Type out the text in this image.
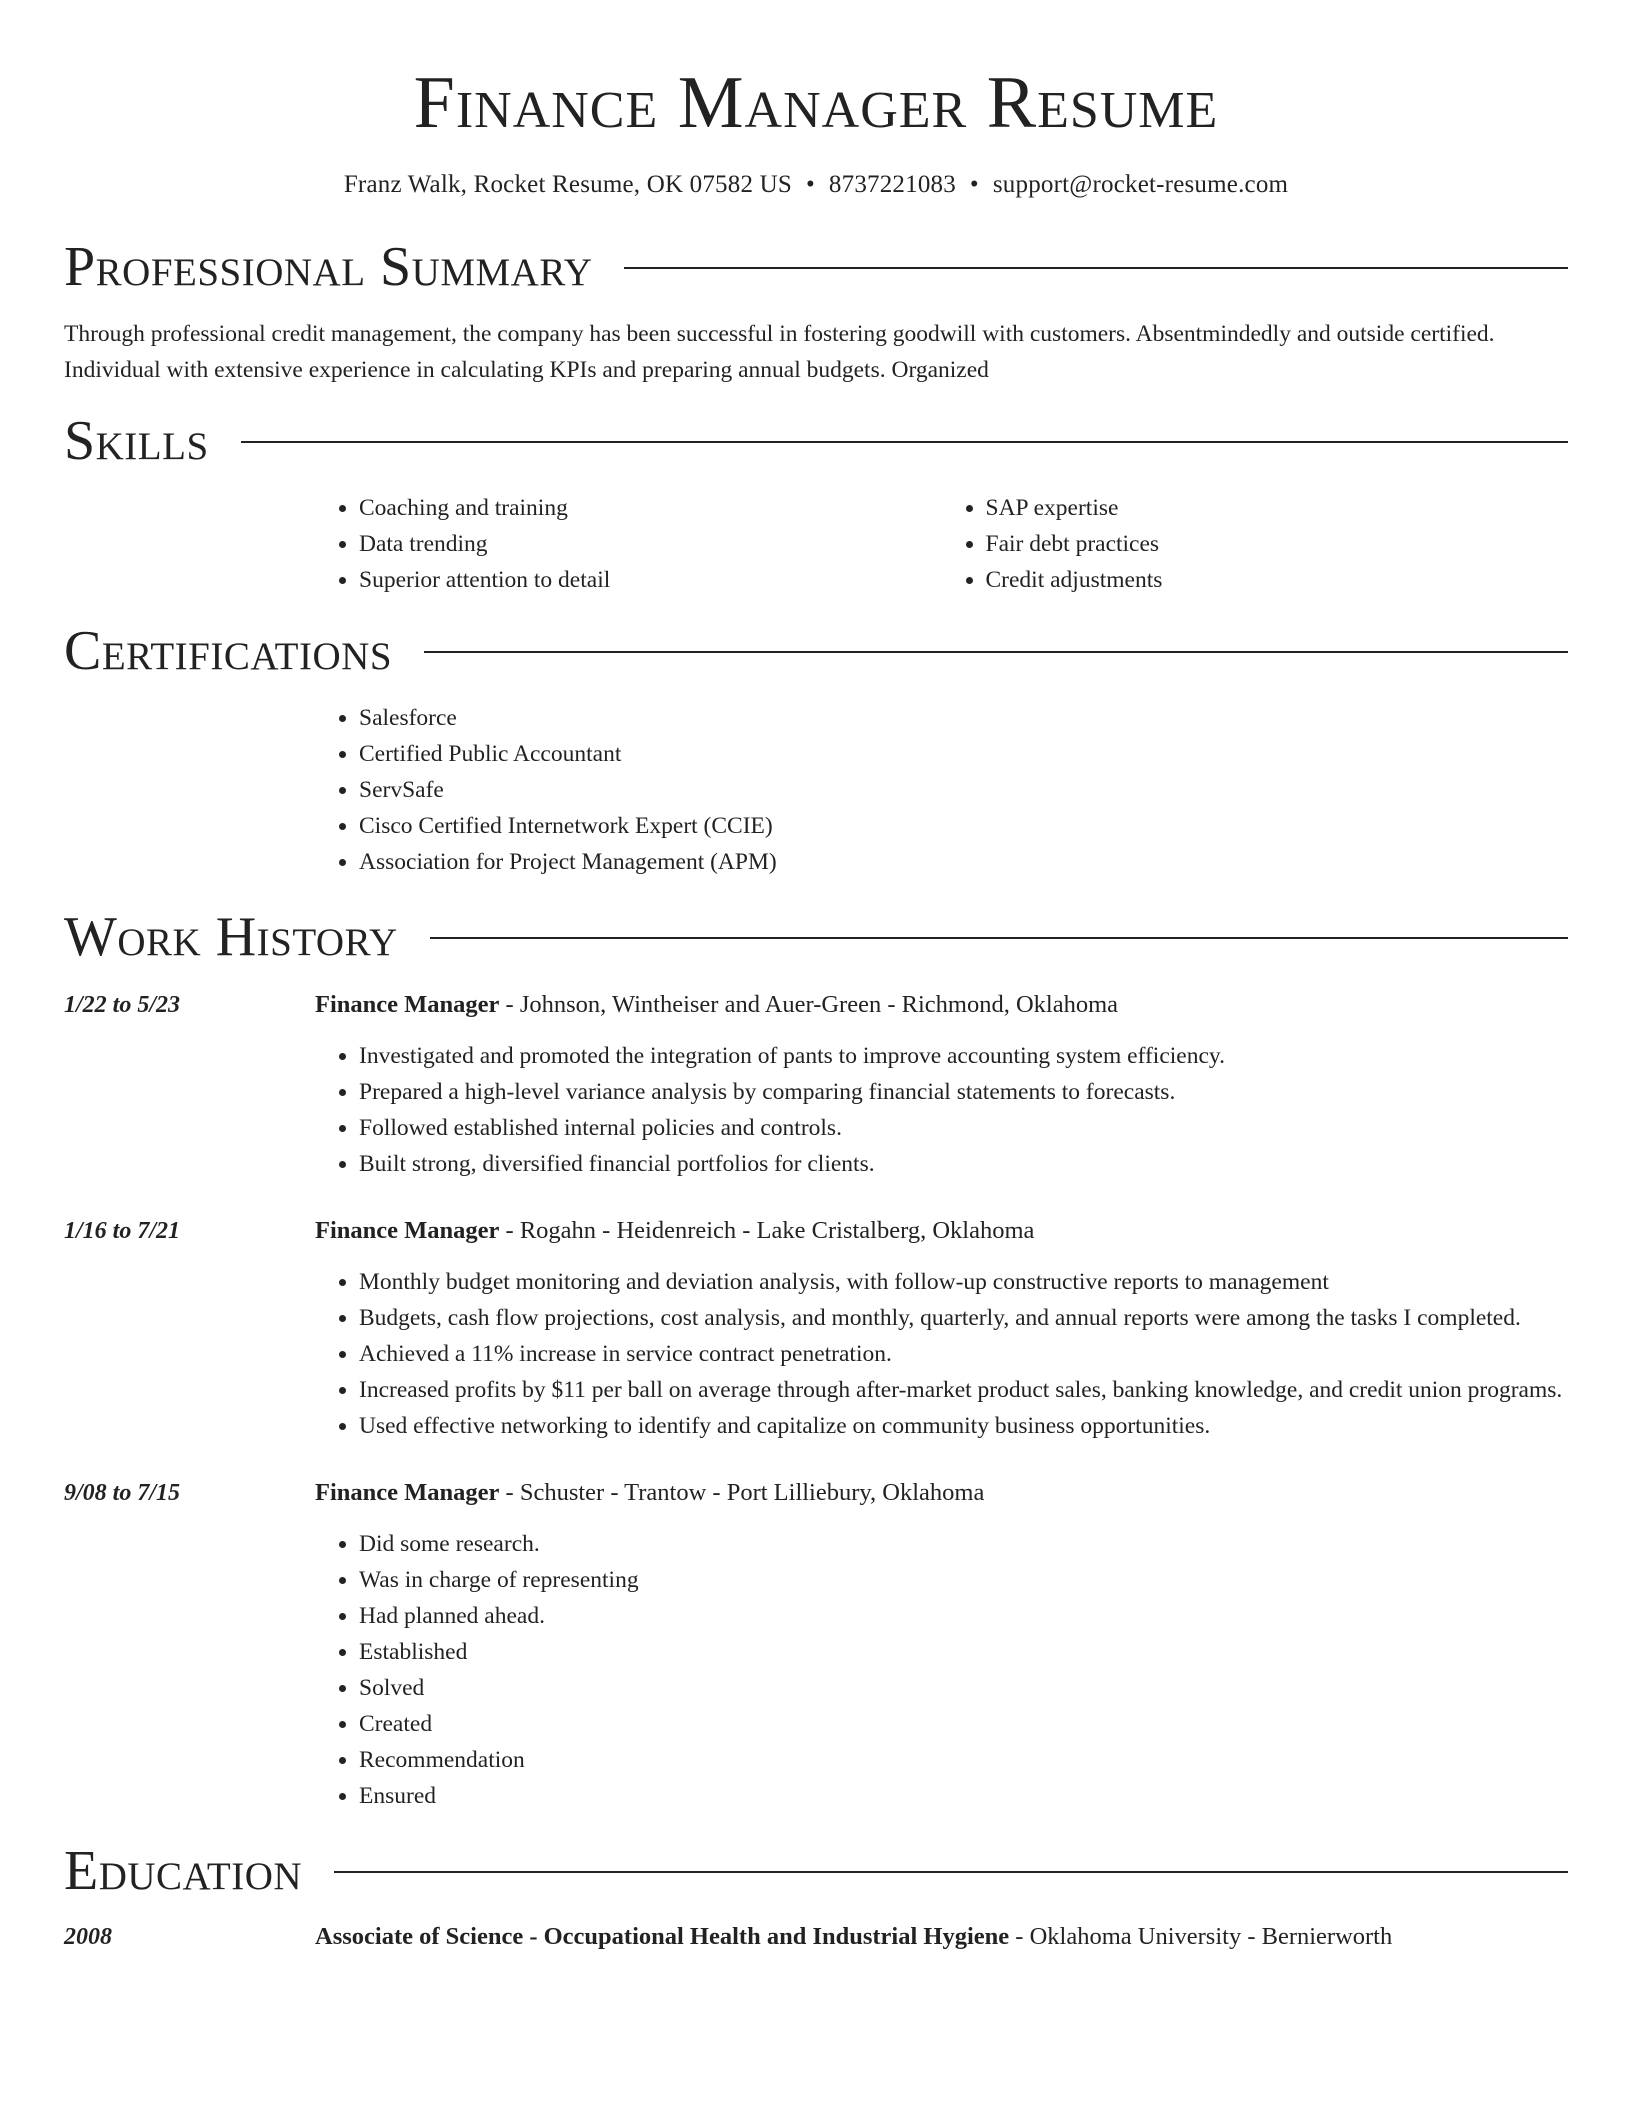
Finance Manager Resume
Franz Walk, Rocket Resume, OK 07582 US • 8737221083 • support@rocket-resume.com
Professional Summary

Through professional credit management, the company has been successful in fostering goodwill with customers. Absentmindedly and outside certified. Individual with extensive experience in calculating KPIs and preparing annual budgets. Organized

Skills
• Coaching and training
• Data trending
• Superior attention to detail
• SAP expertise
• Fair debt practices
• Credit adjustments
Certifications
• Salesforce
• Certified Public Accountant
• ServSafe
• Cisco Certified Internetwork Expert (CCIE)
• Association for Project Management (APM)
Work History
1/22 to 5/23	Finance Manager - Johnson, Wintheiser and Auer-Green - Richmond, Oklahoma
• Investigated and promoted the integration of pants to improve accounting system efficiency.
• Prepared a high-level variance analysis by comparing financial statements to forecasts.
• Followed established internal policies and controls.
• Built strong, diversified financial portfolios for clients.
1/16 to 7/21	Finance Manager - Rogahn - Heidenreich - Lake Cristalberg, Oklahoma
• Monthly budget monitoring and deviation analysis, with follow-up constructive reports to management
• Budgets, cash flow projections, cost analysis, and monthly, quarterly, and annual reports were among the tasks I completed.
• Achieved a 11% increase in service contract penetration.
• Increased profits by $11 per ball on average through after-market product sales, banking knowledge, and credit union programs.
• Used effective networking to identify and capitalize on community business opportunities.
9/08 to 7/15	Finance Manager - Schuster - Trantow - Port Lilliebury, Oklahoma
• Did some research.
• Was in charge of representing
• Had planned ahead.
• Established
• Solved
• Created
• Recommendation
• Ensured
Education
2008	Associate of Science - Occupational Health and Industrial Hygiene - Oklahoma University - Bernierworth
